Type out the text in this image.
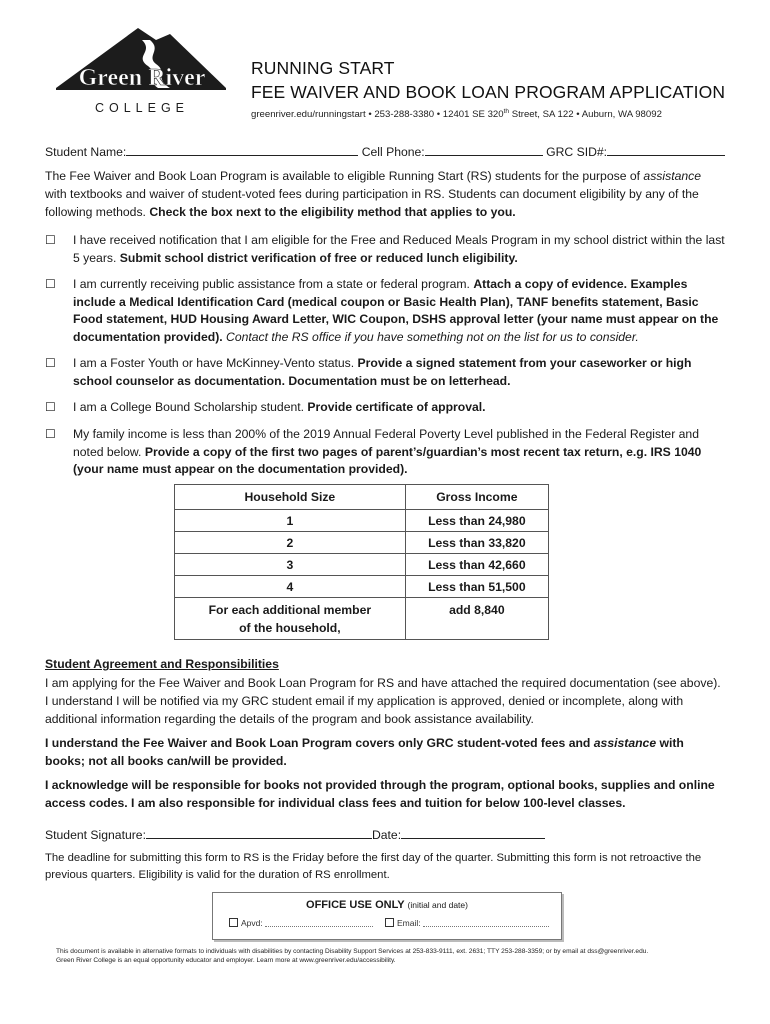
Green River
COLLEGE
RUNNING START
FEE WAIVER AND BOOK LOAN PROGRAM APPLICATION
greenriver.edu/runningstart • 253-288-3380 • 12401 SE 320th Street, SA 122 • Auburn, WA 98092
Student Name:	Cell Phone:	GRC SID#:
The Fee Waiver and Book Loan Program is available to eligible Running Start (RS) students for the purpose of assistance with textbooks and waiver of student-voted fees during participation in RS. Students can document eligibility by any of the following methods. Check the box next to the eligibility method that applies to you.
☐ I have received notification that I am eligible for the Free and Reduced Meals Program in my school district within the last 5 years. Submit school district verification of free or reduced lunch eligibility.
☐ I am currently receiving public assistance from a state or federal program. Attach a copy of evidence. Examples include a Medical Identification Card (medical coupon or Basic Health Plan), TANF benefits statement, Basic Food statement, HUD Housing Award Letter, WIC Coupon, DSHS approval letter (your name must appear on the documentation provided). Contact the RS office if you have something not on the list for us to consider.
☐ I am a Foster Youth or have McKinney-Vento status. Provide a signed statement from your caseworker or high school counselor as documentation. Documentation must be on letterhead.
☐ I am a College Bound Scholarship student. Provide certificate of approval.
☐ My family income is less than 200% of the 2019 Annual Federal Poverty Level published in the Federal Register and noted below. Provide a copy of the first two pages of parent’s/guardian’s most recent tax return, e.g. IRS 1040 (your name must appear on the documentation provided).
Household Size	Gross Income
1	Less than 24,980
2	Less than 33,820
3	Less than 42,660
4	Less than 51,500
For each additional member
of the household,	add 8,840
Student Agreement and Responsibilities
I am applying for the Fee Waiver and Book Loan Program for RS and have attached the required documentation (see above). I understand I will be notified via my GRC student email if my application is approved, denied or incomplete, along with additional information regarding the details of the program and book assistance availability.
I understand the Fee Waiver and Book Loan Program covers only GRC student-voted fees and assistance with books; not all books can/will be provided.
I acknowledge will be responsible for books not provided through the program, optional books, supplies and online access codes. I am also responsible for individual class fees and tuition for below 100-level classes.
Student Signature:	Date:
The deadline for submitting this form to RS is the Friday before the first day of the quarter. Submitting this form is not retroactive the previous quarters. Eligibility is valid for the duration of RS enrollment.
OFFICE USE ONLY (initial and date)
Apvd:	Email:
This document is available in alternative formats to individuals with disabilities by contacting Disability Support Services at 253-833-9111, ext. 2631; TTY 253-288-3359; or by email at dss@greenriver.edu.
Green River College is an equal opportunity educator and employer. Learn more at www.greenriver.edu/accessibility.
